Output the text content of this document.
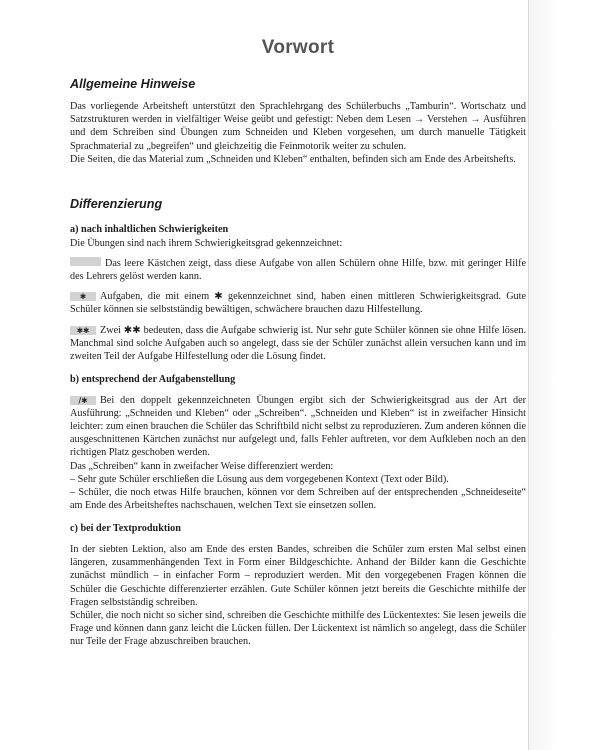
Vorwort
Allgemeine Hinweise

Das vorliegende Arbeitsheft unterstützt den Sprachlehrgang des Schülerbuchs „Tamburin“. Wortschatz und Satzstrukturen werden in vielfältiger Weise geübt und gefestigt: Neben dem Lesen → Verstehen → Ausführen und dem Schreiben sind Übungen zum Schneiden und Kleben vorgesehen, um durch manuelle Tätigkeit Sprachmaterial zu „begreifen“ und gleichzeitig die Feinmotorik weiter zu schulen.

Die Seiten, die das Material zum „Schneiden und Kleben“ enthalten, befinden sich am Ende des Arbeitshefts.

Differenzierung
a) nach inhaltlichen Schwierigkeiten

Die Übungen sind nach ihrem Schwierigkeitsgrad gekennzeichnet:

Das leere Kästchen zeigt, dass diese Aufgabe von allen Schülern ohne Hilfe, bzw. mit geringer Hilfe des Lehrers gelöst werden kann.

✱ Aufgaben, die mit einem ✱ gekennzeichnet sind, haben einen mittleren Schwierigkeitsgrad. Gute Schüler können sie selbstständig bewältigen, schwächere brauchen dazu Hilfestellung.

✱✱ Zwei ✱✱ bedeuten, dass die Aufgabe schwierig ist. Nur sehr gute Schüler können sie ohne Hilfe lösen. Manchmal sind solche Aufgaben auch so angelegt, dass sie der Schüler zunächst allein versuchen kann und im zweiten Teil der Aufgabe Hilfestellung oder die Lösung findet.

b) entsprechend der Aufgabenstellung

/✱ Bei den doppelt gekennzeichneten Übungen ergibt sich der Schwierigkeitsgrad aus der Art der Ausführung: „Schneiden und Kleben“ oder „Schreiben“. „Schneiden und Kleben“ ist in zweifacher Hinsicht leichter: zum einen brauchen die Schüler das Schriftbild nicht selbst zu reproduzieren. Zum anderen können die ausgeschnittenen Kärtchen zunächst nur aufgelegt und, falls Fehler auftreten, vor dem Aufkleben noch an den richtigen Platz geschoben werden.

Das „Schreiben“ kann in zweifacher Weise differenziert werden:

– Sehr gute Schüler erschließen die Lösung aus dem vorgegebenen Kontext (Text oder Bild).

– Schüler, die noch etwas Hilfe brauchen, können vor dem Schreiben auf der entsprechenden „Schneideseite“ am Ende des Arbeitsheftes nachschauen, welchen Text sie einsetzen sollen.

c) bei der Textproduktion

In der siebten Lektion, also am Ende des ersten Bandes, schreiben die Schüler zum ersten Mal selbst einen längeren, zusammenhängenden Text in Form einer Bildgeschichte. Anhand der Bilder kann die Geschichte zunächst mündlich – in einfacher Form – reproduziert werden. Mit den vorgegebenen Fragen können die Schüler die Geschichte differenzierter erzählen. Gute Schüler können jetzt bereits die Geschichte mithilfe der Fragen selbstständig schreiben.

Schüler, die noch nicht so sicher sind, schreiben die Geschichte mithilfe des Lückentextes: Sie lesen jeweils die Frage und können dann ganz leicht die Lücken füllen. Der Lückentext ist nämlich so angelegt, dass die Schüler nur Teile der Frage abzuschreiben brauchen.
